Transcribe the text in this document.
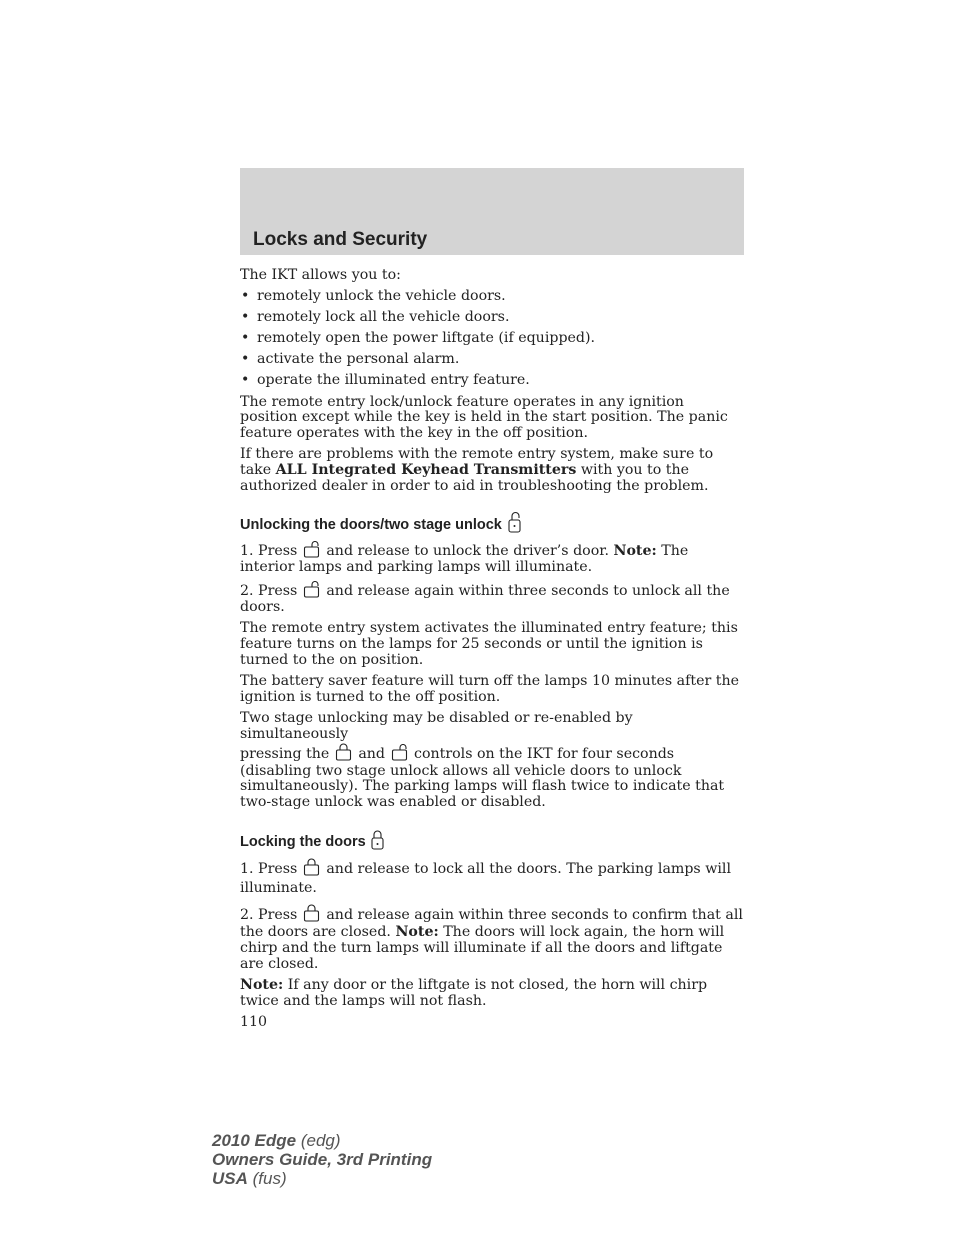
Locks and Security

The IKT allows you to:

• remotely unlock the vehicle doors.
• remotely lock all the vehicle doors.
• remotely open the power liftgate (if equipped).
• activate the personal alarm.
• operate the illuminated entry feature.

The remote entry lock/unlock feature operates in any ignition position except while the key is held in the start position. The panic feature operates with the key in the off position.

If there are problems with the remote entry system, make sure to take ALL Integrated Keyhead Transmitters with you to the authorized dealer in order to aid in troubleshooting the problem.

Unlocking the doors/two stage unlock

1. Press and release to unlock the driver’s door. Note: The interior lamps and parking lamps will illuminate.

2. Press and release again within three seconds to unlock all the doors.

The remote entry system activates the illuminated entry feature; this feature turns on the lamps for 25 seconds or until the ignition is turned to the on position.

The battery saver feature will turn off the lamps 10 minutes after the ignition is turned to the off position.

Two stage unlocking may be disabled or re-enabled by simultaneously
pressing the and controls on the IKT for four seconds (disabling two stage unlock allows all vehicle doors to unlock simultaneously). The parking lamps will flash twice to indicate that two-stage unlock was enabled or disabled.

Locking the doors

1. Press and release to lock all the doors. The parking lamps will illuminate.

2. Press and release again within three seconds to confirm that all the doors are closed. Note: The doors will lock again, the horn will chirp and the turn lamps will illuminate if all the doors and liftgate are closed.

Note: If any door or the liftgate is not closed, the horn will chirp twice and the lamps will not flash.

110

2010 Edge (edg)
Owners Guide, 3rd Printing
USA (fus)
